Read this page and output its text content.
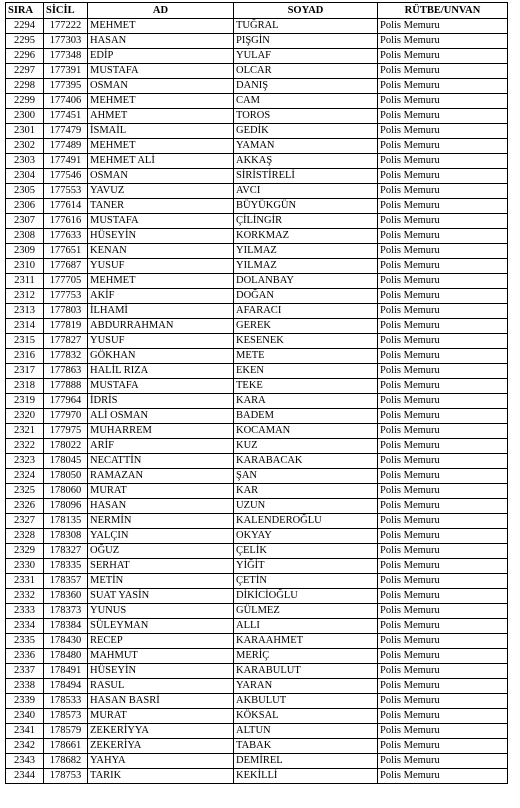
SIRA	SİCİL	AD	SOYAD	RÜTBE/UNVAN
2294	177222	MEHMET	TUĞRAL	Polis Memuru
2295	177303	HASAN	PIŞGİN	Polis Memuru
2296	177348	EDİP	YULAF	Polis Memuru
2297	177391	MUSTAFA	OLCAR	Polis Memuru
2298	177395	OSMAN	DANIŞ	Polis Memuru
2299	177406	MEHMET	CAM	Polis Memuru
2300	177451	AHMET	TOROS	Polis Memuru
2301	177479	İSMAİL	GEDİK	Polis Memuru
2302	177489	MEHMET	YAMAN	Polis Memuru
2303	177491	MEHMET ALİ	AKKAŞ	Polis Memuru
2304	177546	OSMAN	SİRİSTİRELİ	Polis Memuru
2305	177553	YAVUZ	AVCI	Polis Memuru
2306	177614	TANER	BÜYÜKGÜN	Polis Memuru
2307	177616	MUSTAFA	ÇİLİNGİR	Polis Memuru
2308	177633	HÜSEYİN	KORKMAZ	Polis Memuru
2309	177651	KENAN	YILMAZ	Polis Memuru
2310	177687	YUSUF	YILMAZ	Polis Memuru
2311	177705	MEHMET	DOLANBAY	Polis Memuru
2312	177753	AKİF	DOĞAN	Polis Memuru
2313	177803	İLHAMİ	AFARACI	Polis Memuru
2314	177819	ABDURRAHMAN	GEREK	Polis Memuru
2315	177827	YUSUF	KESENEK	Polis Memuru
2316	177832	GÖKHAN	METE	Polis Memuru
2317	177863	HALİL RIZA	EKEN	Polis Memuru
2318	177888	MUSTAFA	TEKE	Polis Memuru
2319	177964	İDRİS	KARA	Polis Memuru
2320	177970	ALİ OSMAN	BADEM	Polis Memuru
2321	177975	MUHARREM	KOCAMAN	Polis Memuru
2322	178022	ARİF	KUZ	Polis Memuru
2323	178045	NECATTİN	KARABACAK	Polis Memuru
2324	178050	RAMAZAN	ŞAN	Polis Memuru
2325	178060	MURAT	KAR	Polis Memuru
2326	178096	HASAN	UZUN	Polis Memuru
2327	178135	NERMİN	KALENDEROĞLU	Polis Memuru
2328	178308	YALÇIN	OKYAY	Polis Memuru
2329	178327	OĞUZ	ÇELİK	Polis Memuru
2330	178335	SERHAT	YİĞİT	Polis Memuru
2331	178357	METİN	ÇETİN	Polis Memuru
2332	178360	SUAT YASİN	DİKİCİOĞLU	Polis Memuru
2333	178373	YUNUS	GÜLMEZ	Polis Memuru
2334	178384	SÜLEYMAN	ALLI	Polis Memuru
2335	178430	RECEP	KARAAHMET	Polis Memuru
2336	178480	MAHMUT	MERİÇ	Polis Memuru
2337	178491	HÜSEYİN	KARABULUT	Polis Memuru
2338	178494	RASUL	YARAN	Polis Memuru
2339	178533	HASAN BASRİ	AKBULUT	Polis Memuru
2340	178573	MURAT	KÖKSAL	Polis Memuru
2341	178579	ZEKERİYYA	ALTUN	Polis Memuru
2342	178661	ZEKERİYA	TABAK	Polis Memuru
2343	178682	YAHYA	DEMİREL	Polis Memuru
2344	178753	TARIK	KEKİLLİ	Polis Memuru
